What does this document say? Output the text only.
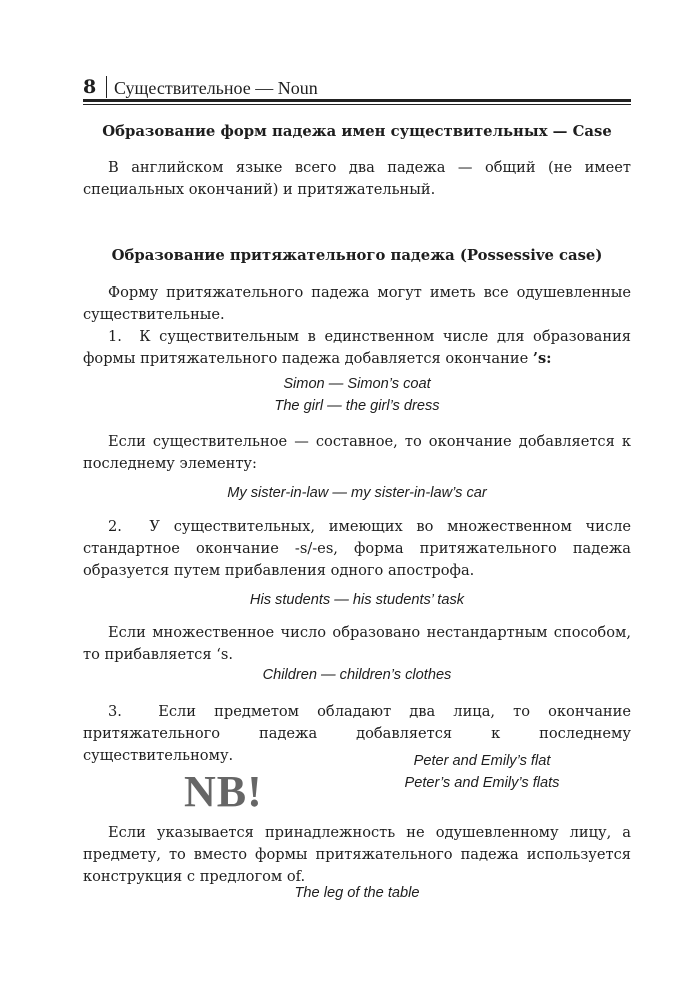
8 Существительное — Noun
Образование форм падежа имен существительных — Case
В английском языке всего два падежа — общий (не имеет специальных окончаний) и притяжательный.
Образование притяжательного падежа (Possessive case)
Форму притяжательного падежа могут иметь все одушевленные существительные.
1. К существительным в единственном числе для образования формы притяжательного падежа добавляется окончание ’s:
Simon — Simon’s coat
The girl — the girl’s dress
Если существительное — составное, то окончание добавляется к последнему элементу:
My sister-in-law — my sister-in-law’s car
2. У существительных, имеющих во множественном числе стандартное окончание -s/-es, форма притяжательного падежа образуется путем прибавления одного апострофа.
His students — his students’ task
Если множественное число образовано нестандартным способом, то прибавляется ‘s.
Children — children’s clothes
3. Если предметом обладают два лица, то окончание притяжательного падежа добавляется к последнему существительному.	Peter and Emily’s flat
Peter’s and Emily’s flats
NB!
Если указывается принадлежность не одушевленному лицу, а предмету, то вместо формы притяжательного падежа используется конструкция с предлогом of.
The leg of the table
